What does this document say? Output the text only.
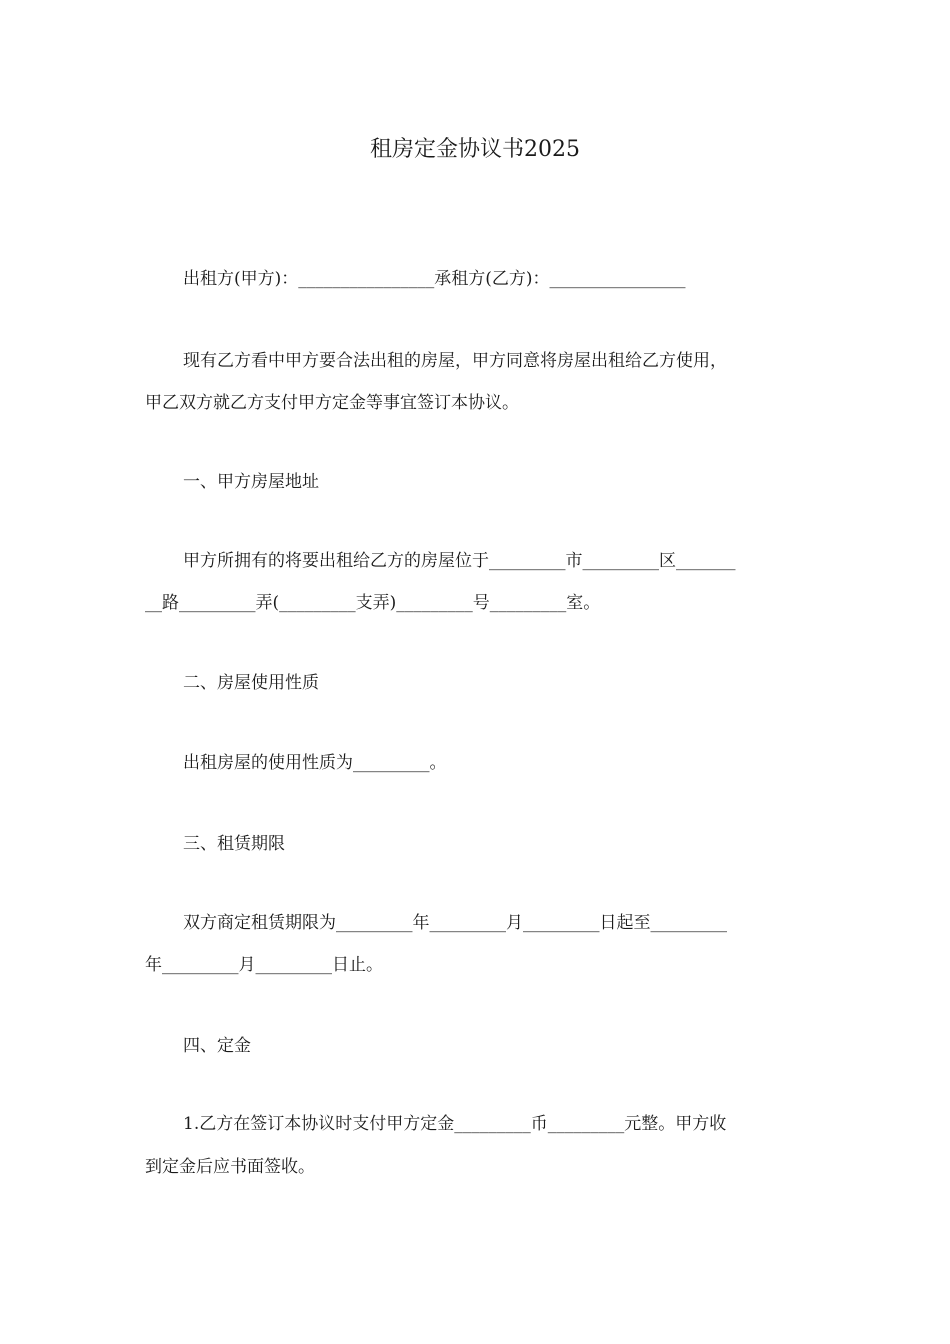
租房定金协议书2025
出租方(甲方)：________________承租方(乙方)：________________
现有乙方看中甲方要合法出租的房屋，甲方同意将房屋出租给乙方使用，
甲乙双方就乙方支付甲方定金等事宜签订本协议。
一、甲方房屋地址
甲方所拥有的将要出租给乙方的房屋位于_________市_________区_______
__路_________弄(_________支弄)_________号_________室。
二、房屋使用性质
出租房屋的使用性质为_________。
三、租赁期限
双方商定租赁期限为_________年_________月_________日起至_________
年_________月_________日止。
四、定金
1.乙方在签订本协议时支付甲方定金_________币_________元整。甲方收
到定金后应书面签收。
